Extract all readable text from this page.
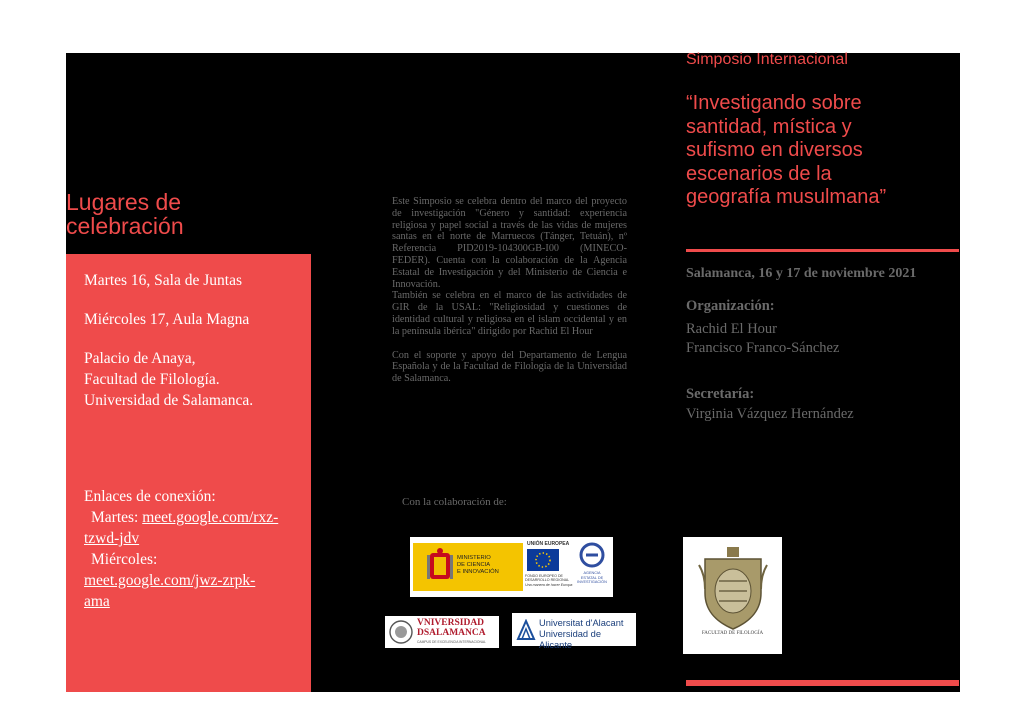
Lugares de
celebración
Martes 16, Sala de Juntas
Miércoles 17, Aula Magna
Palacio de Anaya,
Facultad de Filología.
Universidad de Salamanca.
Enlaces de conexión:
Martes: meet.google.com/rxz-
tzwd-jdv
Miércoles:
meet.google.com/jwz-zrpk-
ama

Este Simposio se celebra dentro del marco del proyecto de investigación "Género y santidad: experiencia religiosa y papel social a través de las vidas de mujeres santas en el norte de Marruecos (Tánger, Tetuán), nº Referencia PID2019-104300GB-I00 (MINECO-FEDER). Cuenta con la colaboración de la Agencia Estatal de Investigación y del Ministerio de Ciencia e Innovación.

También se celebra en el marco de las actividades de GIR de la USAL: "Religiosidad y cuestiones de identidad cultural y religiosa en el islam occidental y en la península ibérica" dirigido por Rachid El Hour

Con el soporte y apoyo del Departamento de Lengua Española y de la Facultad de Filología de la Universidad de Salamanca.

Con la colaboración de:
MINISTERIO
DE CIENCIA
E INNOVACIÓN
UNIÓN EUROPEA
FONDO EUROPEO DE
DESARROLLO REGIONAL
Una manera de hacer Europa
AGENCIA
ESTATAL DE
INVESTIGACIÓN
VNIVERSIDAD
DSALAMANCA
CAMPUS DE EXCELENCIA INTERNACIONAL
Universitat d'Alacant
Universidad de Alicante
FACULTAD DE FILOLOGÍA
Simposio Internacional
“Investigando sobre
santidad, mística y
sufismo en diversos
escenarios de la
geografía musulmana”
Salamanca, 16 y 17 de noviembre 2021
Organización:
Rachid El Hour
Francisco Franco-Sánchez
Secretaría:
Virginia Vázquez Hernández
